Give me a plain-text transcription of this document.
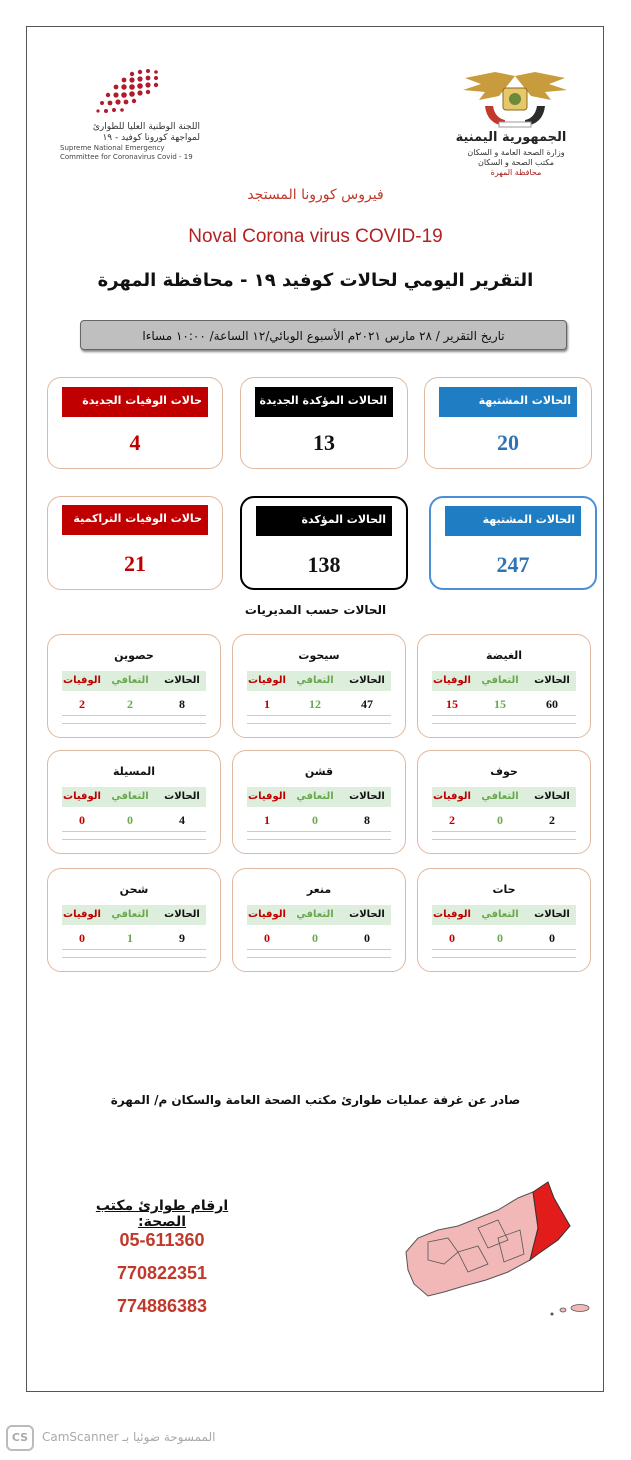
اللجنة الوطنية العليا للطوارئ
لمواجهة كورونا كوفيد - ١٩
Supreme National Emergency
Committee for Coronavirus Covid - 19
الجمهورية اليمنية
وزارة الصحة العامة و السكان
مكتب الصحة و السكان
محافظة المهرة
فيروس كورونا المستجد
Noval Corona virus COVID-19
التقرير اليومي لحالات كوفيد ١٩ - محافظة المهرة
تاريخ التقرير / ٢٨ مارس ٢٠٢١م الأسبوع الوبائي/١٢ الساعة/ ١٠:٠٠ مساءا
الحالات المشتبهة الجديدة
20
الحالات المؤكدة الجديدة
13
حالات الوفيات الجديدة
4
الحالات المشتبهة التراكمية
247
الحالات المؤكدة التراكمية
138
حالات الوفيات التراكمية
21
الحالات حسب المديريات
الغيضة
الحالات
التعافي
الوفيات
60
15
15
سيحوت
الحالات
التعافي
الوفيات
47
12
1
حصوين
الحالات
التعافي
الوفيات
8
2
2
حوف
الحالات
التعافي
الوفيات
2
0
2
قشن
الحالات
التعافي
الوفيات
8
0
1
المسيلة
الحالات
التعافي
الوفيات
4
0
0
حات
الحالات
التعافي
الوفيات
0
0
0
منعر
الحالات
التعافي
الوفيات
0
0
0
شحن
الحالات
التعافي
الوفيات
9
1
0
صادر عن غرفة عمليات طوارئ مكتب الصحة العامة والسكان م/ المهرة
ارقام طوارئ مكتب الصحة:
05-611360
770822351
774886383
CS	CamScanner الممسوحة ضوئيا بـ
